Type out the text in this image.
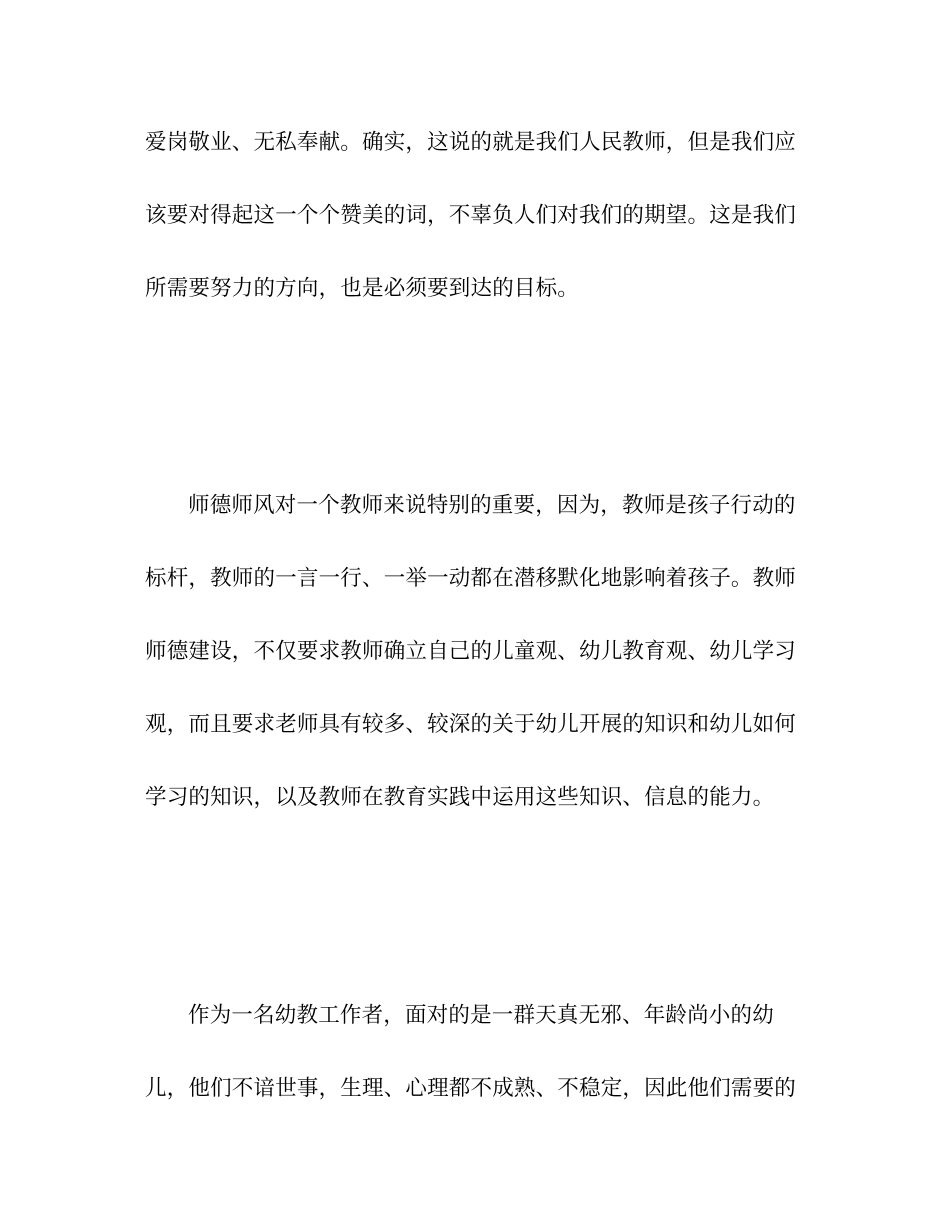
爱岗敬业、无私奉献。确实，这说的就是我们人民教师，但是我们应
该要对得起这一个个赞美的词，不辜负人们对我们的期望。这是我们
所需要努力的方向，也是必须要到达的目标。
师德师风对一个教师来说特别的重要，因为，教师是孩子行动的
标杆，教师的一言一行、一举一动都在潜移默化地影响着孩子。教师
师德建设，不仅要求教师确立自己的儿童观、幼儿教育观、幼儿学习
观，而且要求老师具有较多、较深的关于幼儿开展的知识和幼儿如何
学习的知识，以及教师在教育实践中运用这些知识、信息的能力。
作为一名幼教工作者，面对的是一群天真无邪、年龄尚小的幼
儿，他们不谙世事，生理、心理都不成熟、不稳定，因此他们需要的
